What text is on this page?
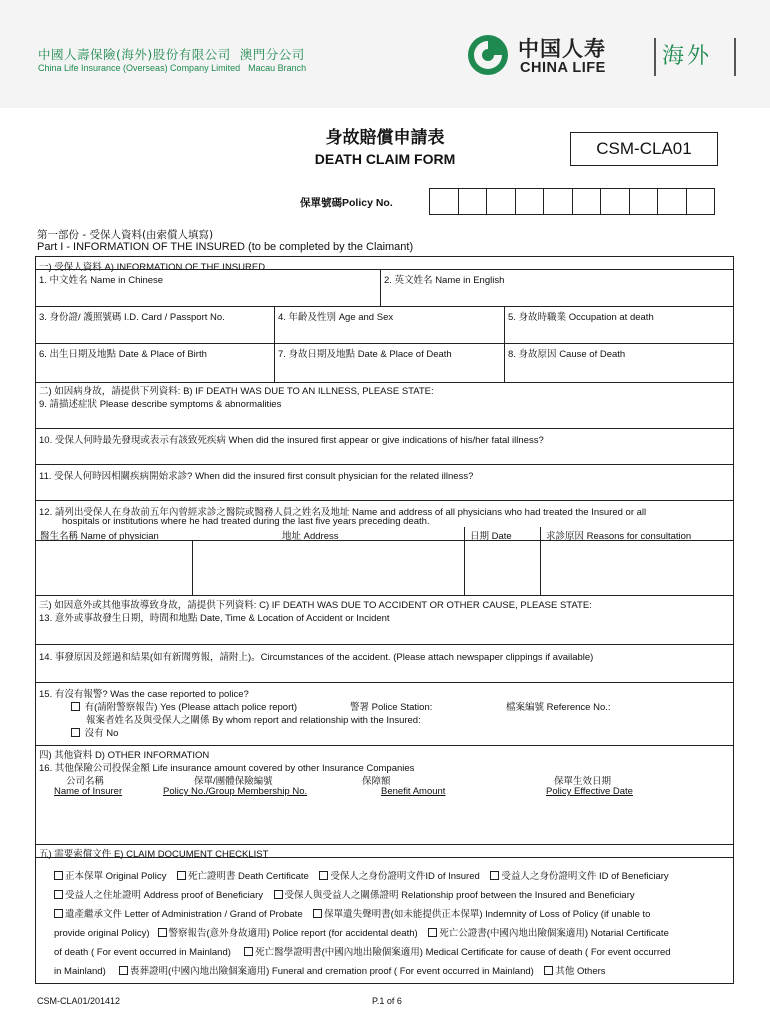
中國人壽保險(海外)股份有限公司 澳門分公司
China Life Insurance (Overseas) Company Limited Macau Branch
中国人寿
CHINA LIFE	海外
身故賠償申請表
DEATH CLAIM FORM
CSM-CLA01
保單號碼Policy No.
第一部份 - 受保人資料(由索償人填寫)
Part I - INFORMATION OF THE INSURED (to be completed by the Claimant)
一) 受保人資料 A) INFORMATION OF THE INSURED
1. 中文姓名 Name in Chinese	2. 英文姓名 Name in English
3. 身份證/ 護照號碼 I.D. Card / Passport No.	4. 年齡及性別 Age and Sex	5. 身故時職業 Occupation at death
6. 出生日期及地點 Date & Place of Birth	7. 身故日期及地點 Date & Place of Death	8. 身故原因 Cause of Death
二) 如因病身故，請提供下列資料: B) IF DEATH WAS DUE TO AN ILLNESS, PLEASE STATE:
9. 請描述症狀 Please describe symptoms & abnormalities
10. 受保人何時最先發現或表示有該致死疾病 When did the insured first appear or give indications of his/her fatal illness?
11. 受保人何時因相關疾病開始求診? When did the insured first consult physician for the related illness?
12. 請列出受保人在身故前五年內曾經求診之醫院或醫務人員之姓名及地址 Name and address of all physicians who had treated the Insured or all
hospitals or institutions where he had treated during the last five years preceding death.
醫生名稱 Name of physician	地址 Address	日期 Date	求診原因 Reasons for consultation
三) 如因意外或其他事故導致身故，請提供下列資料: C) IF DEATH WAS DUE TO ACCIDENT OR OTHER CAUSE, PLEASE STATE:
13. 意外或事故發生日期，時間和地點 Date, Time & Location of Accident or Incident
14. 事發原因及經過和結果(如有新聞剪報，請附上)。Circumstances of the accident. (Please attach newspaper clippings if available)
15. 有沒有報警? Was the case reported to police?
有(請附警察報告) Yes (Please attach police report)	警署 Police Station:	檔案編號 Reference No.:
報案者姓名及與受保人之關係 By whom report and relationship with the Insured:
沒有 No
四) 其他資料 D) OTHER INFORMATION
16. 其他保險公司投保金額 Life insurance amount covered by other Insurance Companies
公司名稱	保單/團體保險編號	保障額	保單生效日期
Name of Insurer	Policy No./Group Membership No.	Benefit Amount	Policy Effective Date
五) 需要索償文件 E) CLAIM DOCUMENT CHECKLIST
正本保單 Original Policy 死亡證明書 Death Certificate 受保人之身份證明文件ID of Insured 受益人之身份證明文件 ID of Beneficiary
受益人之住址證明 Address proof of Beneficiary 受保人與受益人之關係證明 Relationship proof between the Insured and Beneficiary
遺產繼承文件 Letter of Administration / Grand of Probate 保單遺失聲明書(如未能提供正本保單) Indemnity of Loss of Policy (if unable to
provide original Policy) 警察報告(意外身故適用) Police report (for accidental death) 死亡公證書(中國內地出險個案適用) Notarial Certificate
of death ( For event occurred in Mainland)	死亡醫學證明書(中國內地出險個案適用) Medical Certificate for cause of death ( For event occurred
in Mainland)	喪葬證明(中國內地出險個案適用) Funeral and cremation proof ( For event occurred in Mainland) 其他 Others
CSM-CLA01/201412	P.1 of 6
